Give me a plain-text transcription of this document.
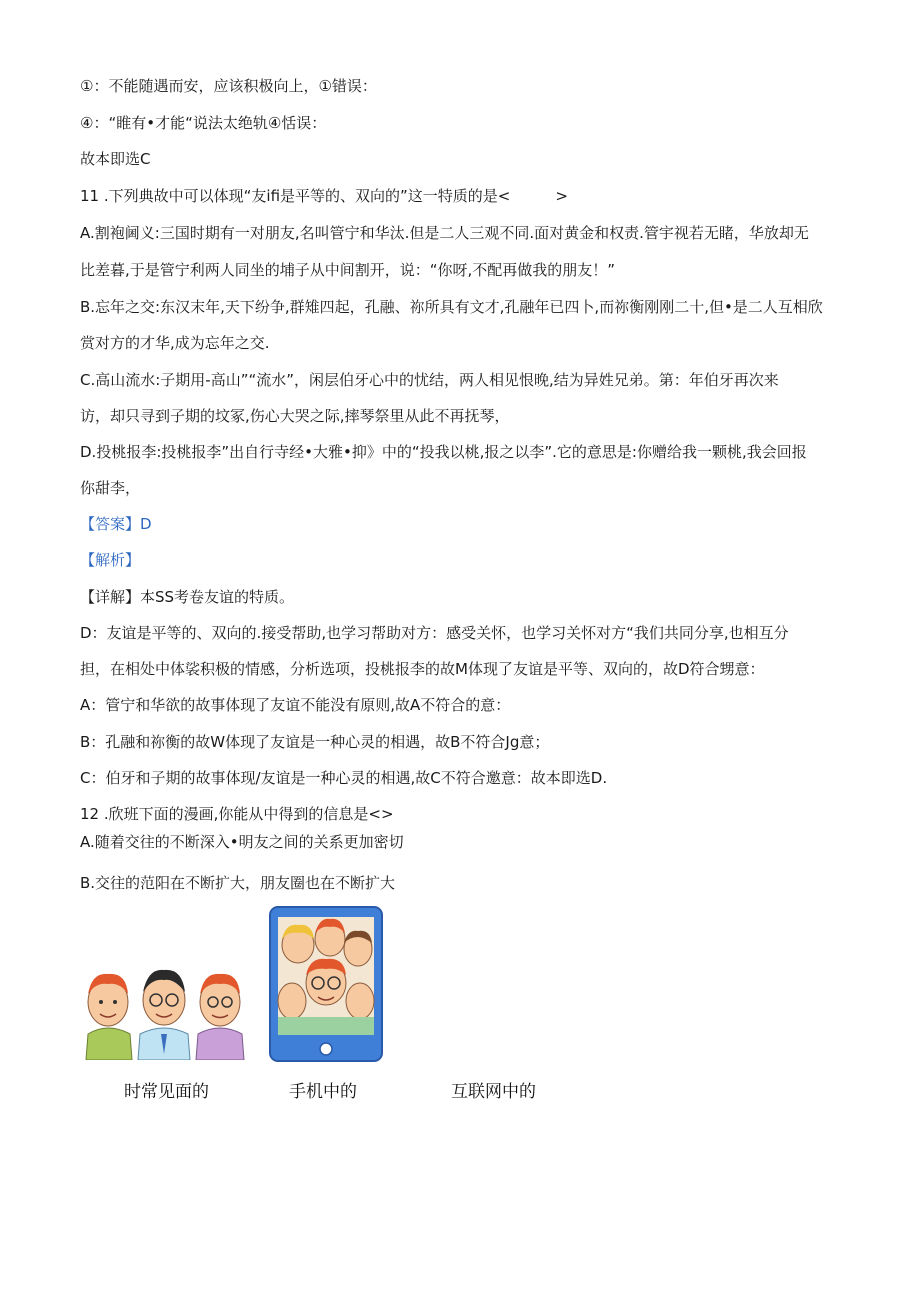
①：不能随遇而安，应该积极向上，①错误：
④：“睢有•才能“说法太绝轨④恬误：
故本即选C
11 .下列典故中可以体现“友ifi是平等的、双向的”这一特质的是<　　　>
A.割袍阃义:三国时期有一对朋友,名叫管宁和华汰.但是二人三观不同.面对黄金和权责.管宇视若无睹，华放却无
比差暮,于是管宁利两人同坐的埔子从中间割开，说：“你呀,不配再做我的朋友！”
B.忘年之交:东汉末年,天下纷争,群雉四起，孔融、祢所具有文才,孔融年已四卜,而祢衡刚刚二十,但•是二人互相欣
赏对方的才华,成为忘年之交.
C.高山流水:子期用-高山”“流水”，闲层伯牙心中的忧结，两人相见恨晚,结为异姓兄弟。第：年伯牙再次来
访，却只寻到子期的坟冢,伤心大哭之际,摔琴祭里从此不再抚琴，
D.投桃报李:投桃报李”出自行寺经•大雅•抑》中的“投我以桃,报之以李”.它的意思是:你赠给我一颗桃,我会回报
你甜李，
【答案】D
【解析】
【详解】本SS考卷友谊的特质。
D：友谊是平等的、双向的.接受帮助,也学习帮助对方：感受关怀，也学习关怀对方“我们共同分享,也相互分
担，在相处中体裟积极的情感，分析选项，投桃报李的故M体现了友谊是平等、双向的，故D符合甥意：
A：管宁和华欲的故事体现了友谊不能没有原则,故A不符合的意：
B：孔融和祢衡的故W体现了友谊是一种心灵的相遇，故B不符合Jg意；
C：伯牙和子期的故事体现/友谊是一种心灵的相遇,故C不符合邀意：故本即选D.
12 .欣班下面的漫画,你能从中得到的信息是<>
A.随着交往的不断深入•明友之间的关系更加密切
B.交往的范阳在不断扩大，朋友圈也在不断扩大
时常见面的	手机中的	互联网中的
